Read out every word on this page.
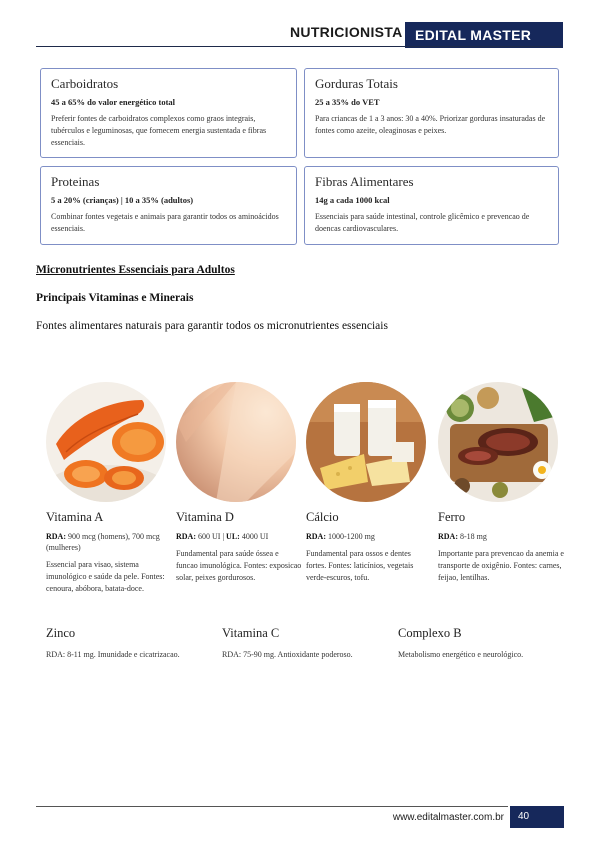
NUTRICIONISTA EDITAL MASTER
Carboidratos
45 a 65% do valor energético total
Preferir fontes de carboidratos complexos como graos integrais, tubérculos e leguminosas, que fornecem energia sustentada e fibras essenciais.
Gorduras Totais
25 a 35% do VET
Para criancas de 1 a 3 anos: 30 a 40%. Priorizar gorduras insaturadas de fontes como azeite, oleaginosas e peixes.
Proteinas
5 a 20% (crianças) | 10 a 35% (adultos)
Combinar fontes vegetais e animais para garantir todos os aminoácidos essenciais.
Fibras Alimentares
14g a cada 1000 kcal
Essenciais para saúde intestinal, controle glicêmico e prevencao de doencas cardiovasculares.
Micronutrientes Essenciais para Adultos
Principais Vitaminas e Minerais
Fontes alimentares naturais para garantir todos os micronutrientes essenciais
Vitamina A
RDA: 900 mcg (homens), 700 mcg (mulheres)
Essencial para visao, sistema imunológico e saúde da pele. Fontes: cenoura, abóbora, batata-doce.
Vitamina D
RDA: 600 UI | UL: 4000 UI
Fundamental para saúde óssea e funcao imunológica. Fontes: exposicao solar, peixes gordurosos.
Cálcio
RDA: 1000-1200 mg
Fundamental para ossos e dentes fortes. Fontes: laticínios, vegetais verde-escuros, tofu.
Ferro
RDA: 8-18 mg
Importante para prevencao da anemia e transporte de oxigênio. Fontes: carnes, feijao, lentilhas.
Zinco
RDA: 8-11 mg. Imunidade e cicatrizacao.
Vitamina C
RDA: 75-90 mg. Antioxidante poderoso.
Complexo B
Metabolismo energético e neurológico.
www.editalmaster.com.br	40
